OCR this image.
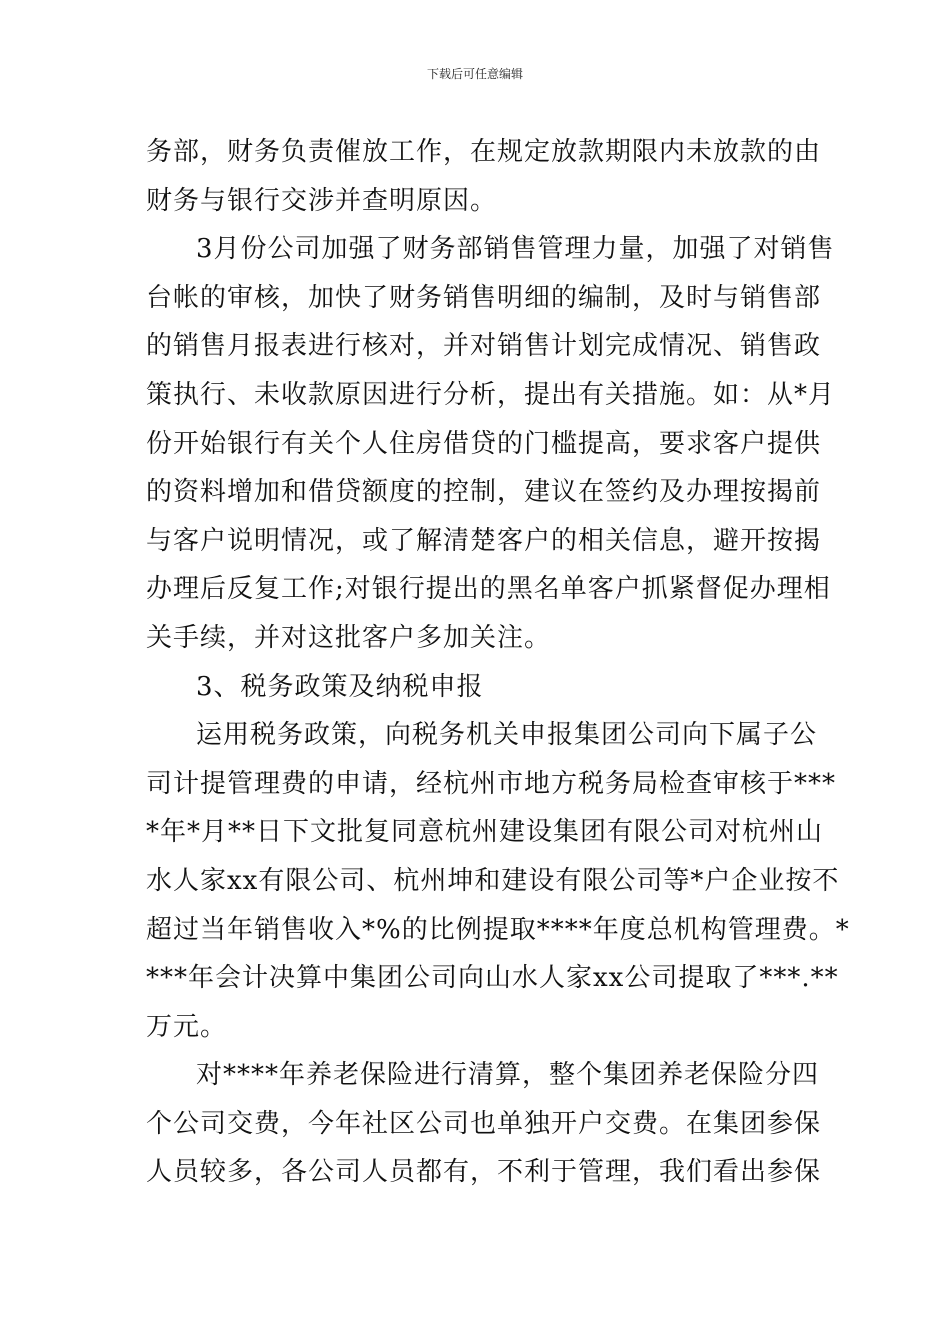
下载后可任意编辑
务部，财务负责催放工作，在规定放款期限内未放款的由
财务与银行交涉并查明原因。
3月份公司加强了财务部销售管理力量，加强了对销售
台帐的审核，加快了财务销售明细的编制，及时与销售部
的销售月报表进行核对，并对销售计划完成情况、销售政
策执行、未收款原因进行分析，提出有关措施。如：从*月
份开始银行有关个人住房借贷的门槛提高，要求客户提供
的资料增加和借贷额度的控制，建议在签约及办理按揭前
与客户说明情况，或了解清楚客户的相关信息，避开按揭
办理后反复工作;对银行提出的黑名单客户抓紧督促办理相
关手续，并对这批客户多加关注。
3、税务政策及纳税申报
运用税务政策，向税务机关申报集团公司向下属子公
司计提管理费的申请，经杭州市地方税务局检查审核于***
*年*月**日下文批复同意杭州建设集团有限公司对杭州山
水人家xx有限公司、杭州坤和建设有限公司等*户企业按不
超过当年销售收入*%的比例提取****年度总机构管理费。*
***年会计决算中集团公司向山水人家xx公司提取了***.**
万元。
对****年养老保险进行清算，整个集团养老保险分四
个公司交费，今年社区公司也单独开户交费。在集团参保
人员较多，各公司人员都有，不利于管理，我们看出参保
